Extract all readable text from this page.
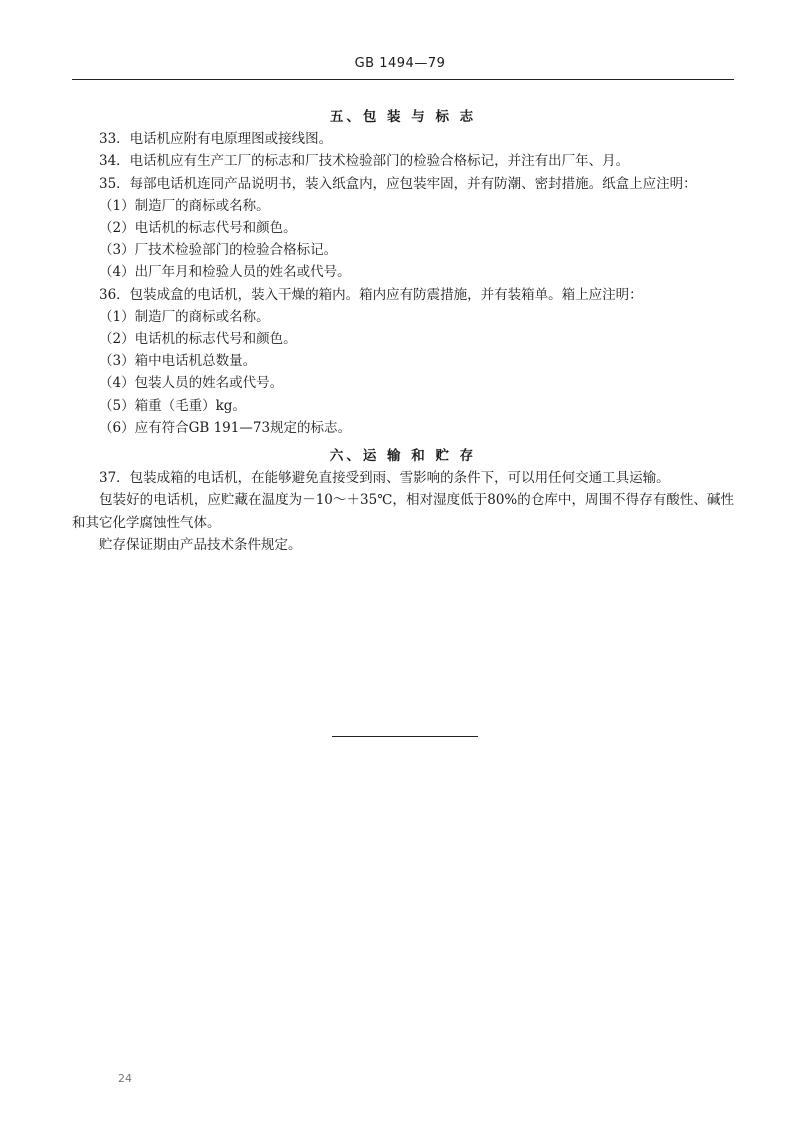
GB 1494—79
五、包 装 与 标 志

33．电话机应附有电原理图或接线图。

34．电话机应有生产工厂的标志和厂技术检验部门的检验合格标记，并注有出厂年、月。

35．每部电话机连同产品说明书，装入纸盒内，应包装牢固，并有防潮、密封措施。纸盒上应注明：

（1）制造厂的商标或名称。

（2）电话机的标志代号和颜色。

（3）厂技术检验部门的检验合格标记。

（4）出厂年月和检验人员的姓名或代号。

36．包装成盒的电话机，装入干燥的箱内。箱内应有防震措施，并有装箱单。箱上应注明：

（1）制造厂的商标或名称。

（2）电话机的标志代号和颜色。

（3）箱中电话机总数量。

（4）包装人员的姓名或代号。

（5）箱重（毛重）kg。

（6）应有符合GB 191—73规定的标志。

六、运 输 和 贮 存

37．包装成箱的电话机，在能够避免直接受到雨、雪影响的条件下，可以用任何交通工具运输。

包装好的电话机，应贮藏在温度为－10～＋35℃，相对湿度低于80%的仓库中，周围不得存有酸性、碱性和其它化学腐蚀性气体。

贮存保证期由产品技术条件规定。

24
